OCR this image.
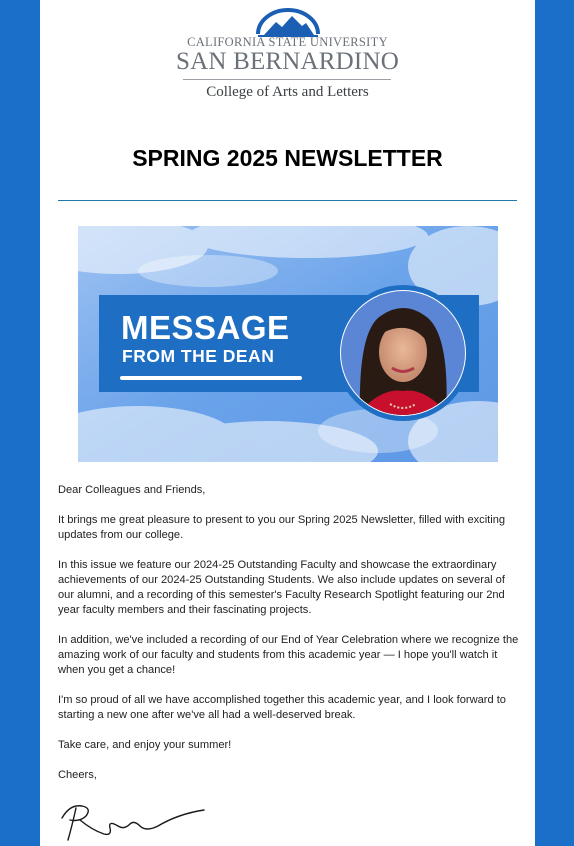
CALIFORNIA STATE UNIVERSITY
SAN BERNARDINO
College of Arts and Letters
SPRING 2025 NEWSLETTER
MESSAGE
FROM THE DEAN

Dear Colleagues and Friends,

It brings me great pleasure to present to you our Spring 2025 Newsletter, filled with exciting updates from our college.

In this issue we feature our 2024-25 Outstanding Faculty and showcase the extraordinary achievements of our 2024-25 Outstanding Students. We also include updates on several of our alumni, and a recording of this semester's Faculty Research Spotlight featuring our 2nd year faculty members and their fascinating projects.

In addition, we've included a recording of our End of Year Celebration where we recognize the amazing work of our faculty and students from this academic year — I hope you'll watch it when you get a chance!

I'm so proud of all we have accomplished together this academic year, and I look forward to starting a new one after we've all had a well-deserved break.

Take care, and enjoy your summer!

Cheers,
